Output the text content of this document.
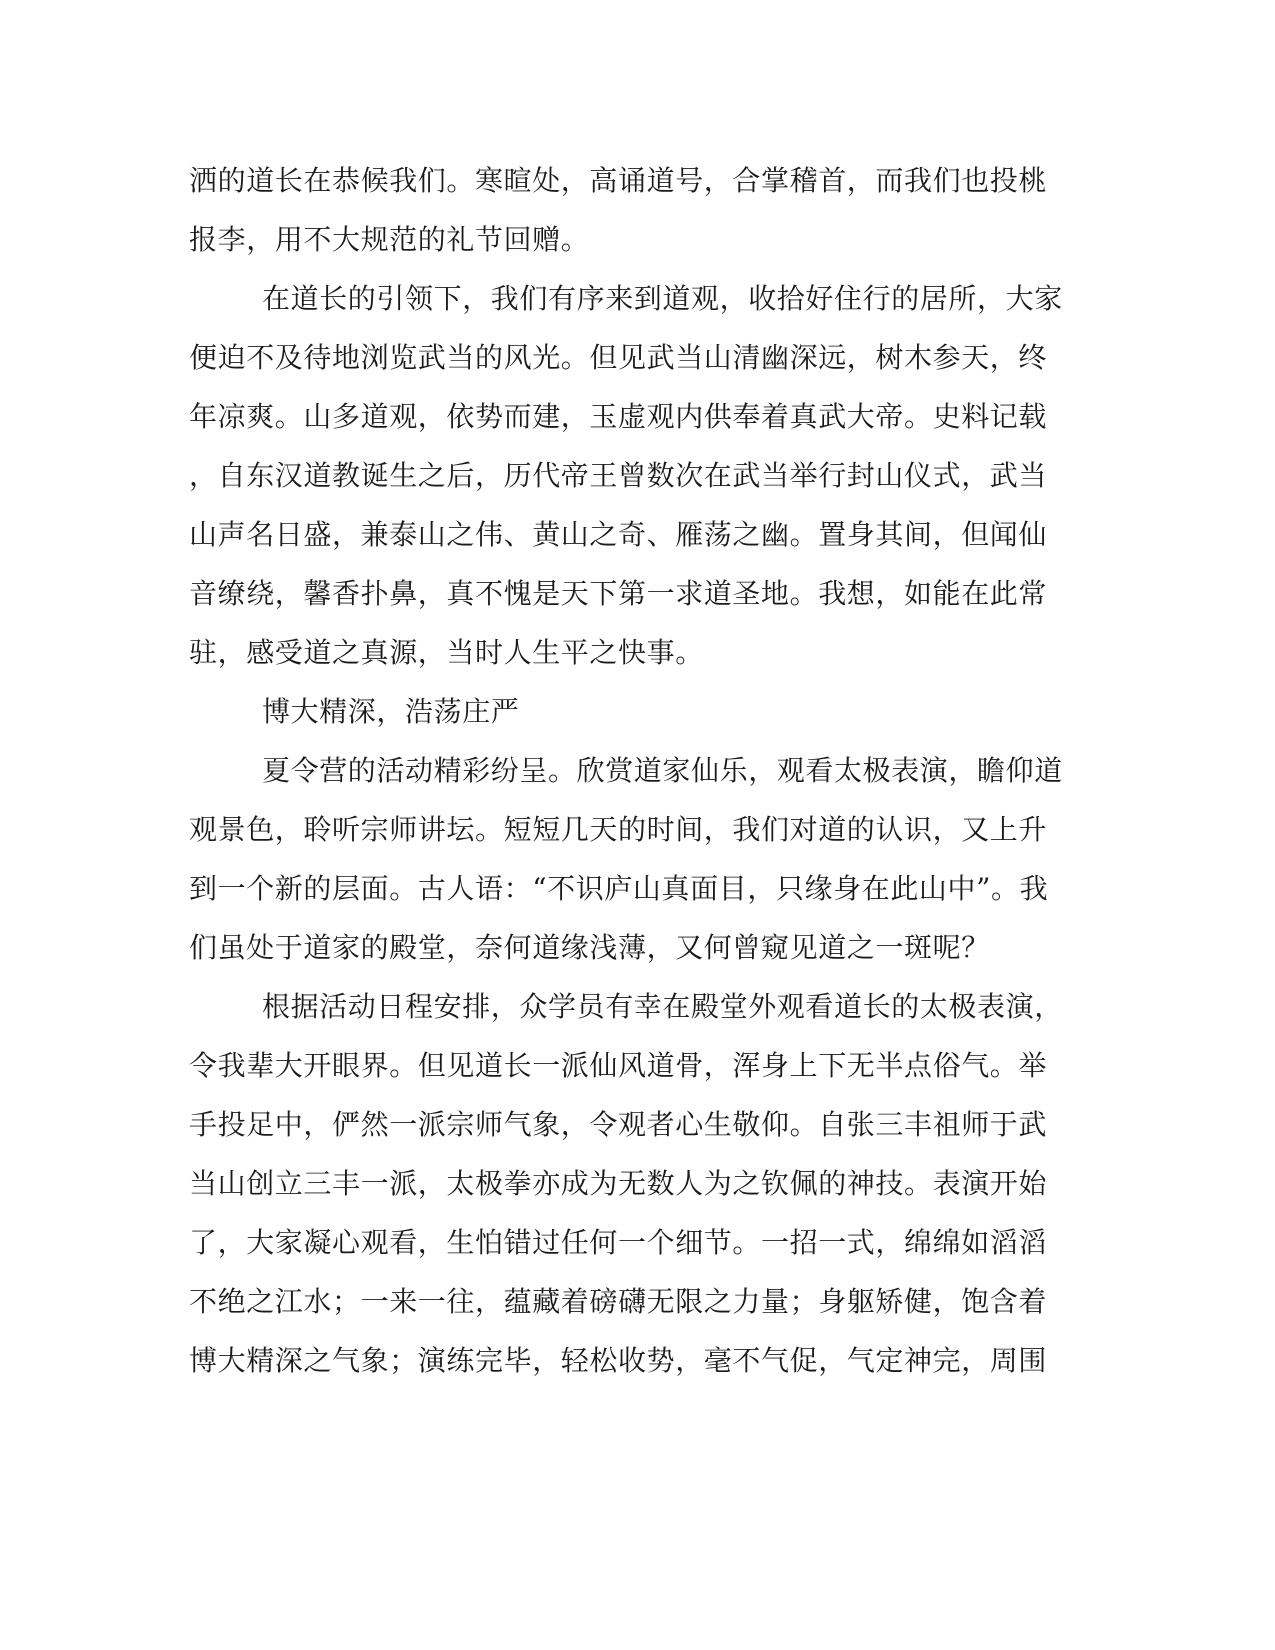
洒的道长在恭候我们。寒暄处，高诵道号，合掌稽首，而我们也投桃
报李，用不大规范的礼节回赠。
在道长的引领下，我们有序来到道观，收拾好住行的居所，大家
便迫不及待地浏览武当的风光。但见武当山清幽深远，树木参天，终
年凉爽。山多道观，依势而建，玉虚观内供奉着真武大帝。史料记载
，自东汉道教诞生之后，历代帝王曾数次在武当举行封山仪式，武当
山声名日盛，兼泰山之伟、黄山之奇、雁荡之幽。置身其间，但闻仙
音缭绕，馨香扑鼻，真不愧是天下第一求道圣地。我想，如能在此常
驻，感受道之真源，当时人生平之快事。
博大精深，浩荡庄严
夏令营的活动精彩纷呈。欣赏道家仙乐，观看太极表演，瞻仰道
观景色，聆听宗师讲坛。短短几天的时间，我们对道的认识，又上升
到一个新的层面。古人语：“不识庐山真面目，只缘身在此山中”。我
们虽处于道家的殿堂，奈何道缘浅薄，又何曾窥见道之一斑呢？
根据活动日程安排，众学员有幸在殿堂外观看道长的太极表演，
令我辈大开眼界。但见道长一派仙风道骨，浑身上下无半点俗气。举
手投足中，俨然一派宗师气象，令观者心生敬仰。自张三丰祖师于武
当山创立三丰一派，太极拳亦成为无数人为之钦佩的神技。表演开始
了，大家凝心观看，生怕错过任何一个细节。一招一式，绵绵如滔滔
不绝之江水；一来一往，蕴藏着磅礴无限之力量；身躯矫健，饱含着
博大精深之气象；演练完毕，轻松收势，毫不气促，气定神完，周围
